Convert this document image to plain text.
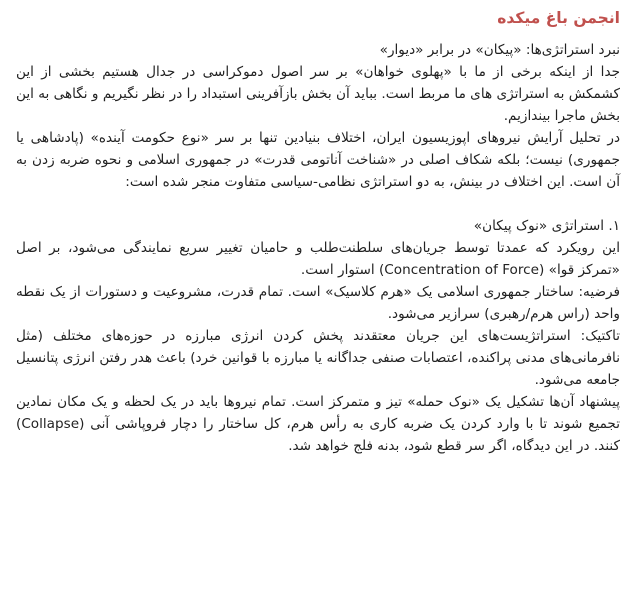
انجمن باغ میکده

نبرد استراتژی‌ها: «پیکان» در برابر «دیوار»

جدا از اینکه برخی از ما با «پهلوی خواهان» بر سر اصول دموکراسی در جدال هستیم بخشی از این کشمکش به استراتژی های ما مربط است. بباید آن بخش بازآفرینی استبداد را در نظر نگیریم و نگاهی به این بخش ماجرا بیندازیم.

در تحلیل آرایش نیروهای اپوزیسیون ایران، اختلاف بنیادین تنها بر سر «نوع حکومت آینده» (پادشاهی یا جمهوری) نیست؛ بلکه شکاف اصلی در «شناخت آناتومی قدرت» در جمهوری اسلامی و نحوه ضربه زدن به آن است. این اختلاف در بینش، به دو استراتژی نظامی-سیاسی متفاوت منجر شده است:

۱. استراتژی «نوک پیکان»

این رویکرد که عمدتا توسط جریان‌های سلطنت‌طلب و حامیان تغییر سریع نمایندگی می‌شود، بر اصل «تمرکز قوا» (Concentration of Force) استوار است.

فرضیه: ساختار جمهوری اسلامی یک «هرم کلاسیک» است. تمام قدرت، مشروعیت و دستورات از یک نقطه واحد (راس هرم/رهبری) سرازیر می‌شود.

تاکتیک: استراتژیست‌های این جریان معتقدند پخش کردن انرژی مبارزه در حوزه‌های مختلف (مثل نافرمانی‌های مدنی پراکنده، اعتصابات صنفی جداگانه یا مبارزه با قوانین خرد) باعث هدر رفتن انرژی پتانسیل جامعه می‌شود.

پیشنهاد آن‌ها تشکیل یک «نوک حمله» تیز و متمرکز است. تمام نیروها باید در یک لحظه و یک مکان نمادین تجمیع شوند تا با وارد کردن یک ضربه کاری به رأس هرم، کل ساختار را دچار فروپاشی آنی (Collapse) کنند. در این دیدگاه، اگر سر قطع شود، بدنه فلج خواهد شد.
